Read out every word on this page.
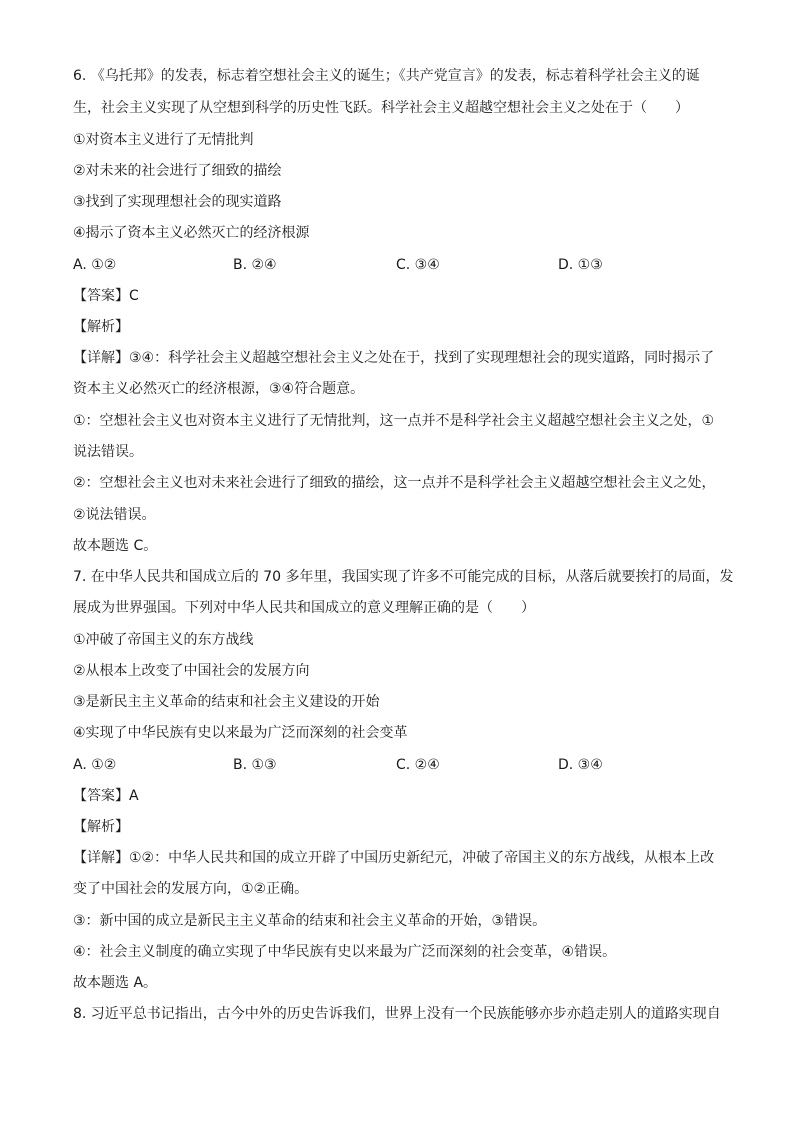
6. 《乌托邦》的发表，标志着空想社会主义的诞生；《共产党宣言》的发表，标志着科学社会主义的诞
生，社会主义实现了从空想到科学的历史性飞跃。科学社会主义超越空想社会主义之处在于（　　）
①对资本主义进行了无情批判
②对未来的社会进行了细致的描绘
③找到了实现理想社会的现实道路
④揭示了资本主义必然灭亡的经济根源
A. ①②	B. ②④	C. ③④	D. ①③
【答案】C
【解析】
【详解】③④：科学社会主义超越空想社会主义之处在于，找到了实现理想社会的现实道路，同时揭示了
资本主义必然灭亡的经济根源，③④符合题意。
①：空想社会主义也对资本主义进行了无情批判，这一点并不是科学社会主义超越空想社会主义之处，①
说法错误。
②：空想社会主义也对未来社会进行了细致的描绘，这一点并不是科学社会主义超越空想社会主义之处，
②说法错误。
故本题选 C。
7. 在中华人民共和国成立后的 70 多年里，我国实现了许多不可能完成的目标，从落后就要挨打的局面，发
展成为世界强国。下列对中华人民共和国成立的意义理解正确的是（　　）
①冲破了帝国主义的东方战线
②从根本上改变了中国社会的发展方向
③是新民主主义革命的结束和社会主义建设的开始
④实现了中华民族有史以来最为广泛而深刻的社会变革
A. ①②	B. ①③	C. ②④	D. ③④
【答案】A
【解析】
【详解】①②：中华人民共和国的成立开辟了中国历史新纪元，冲破了帝国主义的东方战线，从根本上改
变了中国社会的发展方向，①②正确。
③：新中国的成立是新民主主义革命的结束和社会主义革命的开始，③错误。
④：社会主义制度的确立实现了中华民族有史以来最为广泛而深刻的社会变革，④错误。
故本题选 A。
8. 习近平总书记指出，古今中外的历史告诉我们，世界上没有一个民族能够亦步亦趋走别人的道路实现自
